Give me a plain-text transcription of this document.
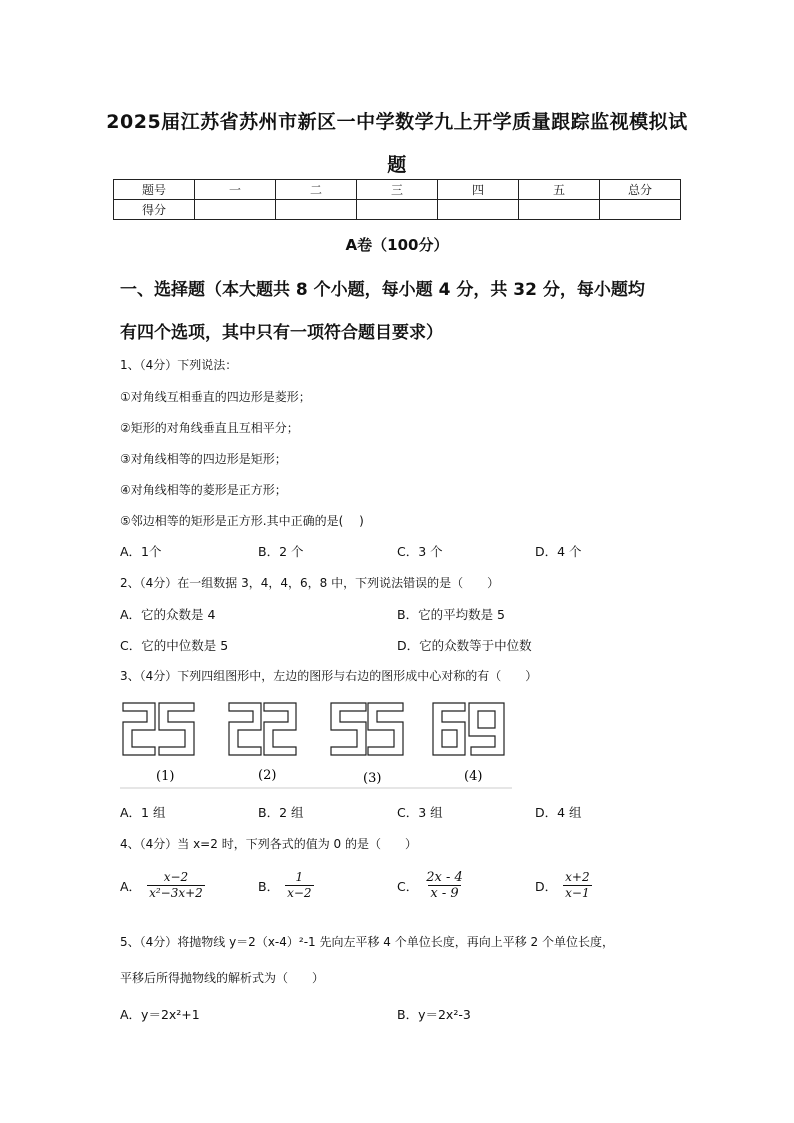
2025届江苏省苏州市新区一中学数学九上开学质量跟踪监视模拟试
题
题号	一	二	三	四	五	总分
得分						
A卷（100分）
一、选择题（本大题共 8 个小题，每小题 4 分，共 32 分，每小题均
有四个选项，其中只有一项符合题目要求）
1、（4分）下列说法：
①对角线互相垂直的四边形是菱形；
②矩形的对角线垂直且互相平分；
③对角线相等的四边形是矩形；
④对角线相等的菱形是正方形；
⑤邻边相等的矩形是正方形.其中正确的是(　 )
A．1个	B．2 个	C．3 个	D．4 个
2、（4分）在一组数据 3，4，4，6，8 中，下列说法错误的是（　　）
A．它的众数是 4	B．它的平均数是 5
C．它的中位数是 5	D．它的众数等于中位数
3、（4分）下列四组图形中，左边的图形与右边的图形成中心对称的有（　　）
(1)	(2)	(3)	(4)
A．1 组	B．2 组	C．3 组	D．4 组
4、（4分）当 x=2 时，下列各式的值为 0 的是（　　）
A． $\frac{x-2}{\text{x²−3x+2}}$	B． $\frac{1}{x-2}$	C． $\frac{2x - 4}{x - 9}$	D． $\frac{x+2}{x-1}$
5、（4分）将抛物线 y＝2（x-4）²-1 先向左平移 4 个单位长度，再向上平移 2 个单位长度，
平移后所得抛物线的解析式为（　　）
A．y＝2x²+1	B．y＝2x²-3
